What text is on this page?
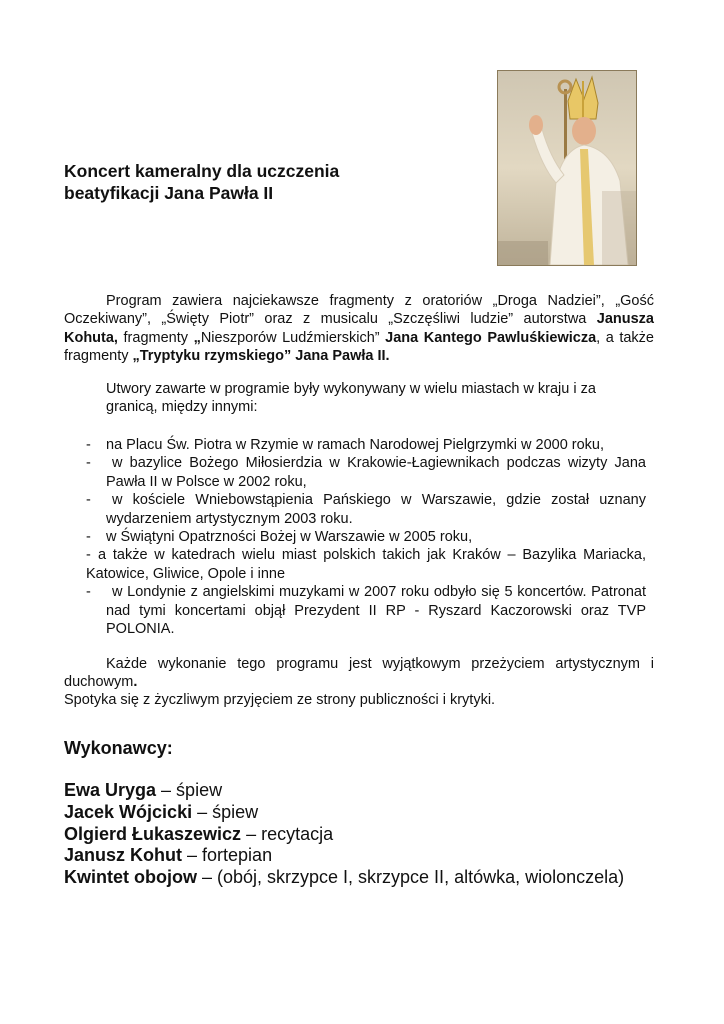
Koncert kameralny dla uczczenia
beatyfikacji Jana Pawła II

Program zawiera najciekawsze fragmenty z oratoriów „Droga Nadziei”, „Gość Oczekiwany”, „Święty Piotr” oraz z musicalu „Szczęśliwi ludzie” autorstwa Janusza Kohuta, fragmenty „Nieszporów Ludźmierskich” Jana Kantego Pawluśkiewicza, a także fragmenty „Tryptyku rzymskiego” Jana Pawła II.

Utwory zawarte w programie były wykonywany w wielu miastach w kraju i za granicą, między innymi:

-	na Placu Św. Piotra w Rzymie w ramach Narodowej Pielgrzymki w 2000 roku,
-	w bazylice Bożego Miłosierdzia w Krakowie-Łagiewnikach podczas wizyty Jana Pawła II w Polsce w 2002 roku,
-	w kościele Wniebowstąpienia Pańskiego w Warszawie, gdzie został uznany wydarzeniem artystycznym 2003 roku.
-	w Świątyni Opatrzności Bożej w Warszawie w 2005 roku,
- a także w katedrach wielu miast polskich takich jak Kraków – Bazylika Mariacka, Katowice, Gliwice, Opole i inne
-	w Londynie z angielskimi muzykami w 2007 roku odbyło się 5 koncertów. Patronat nad tymi koncertami objął Prezydent II RP - Ryszard Kaczorowski oraz TVP POLONIA.

Każde wykonanie tego programu jest wyjątkowym przeżyciem artystycznym i duchowym.

Spotyka się z życzliwym przyjęciem ze strony publiczności i krytyki.

Wykonawcy:
Ewa Uryga – śpiew
Jacek Wójcicki – śpiew
Olgierd Łukaszewicz – recytacja
Janusz Kohut – fortepian
Kwintet obojow – (obój, skrzypce I, skrzypce II, altówka, wiolonczela)
